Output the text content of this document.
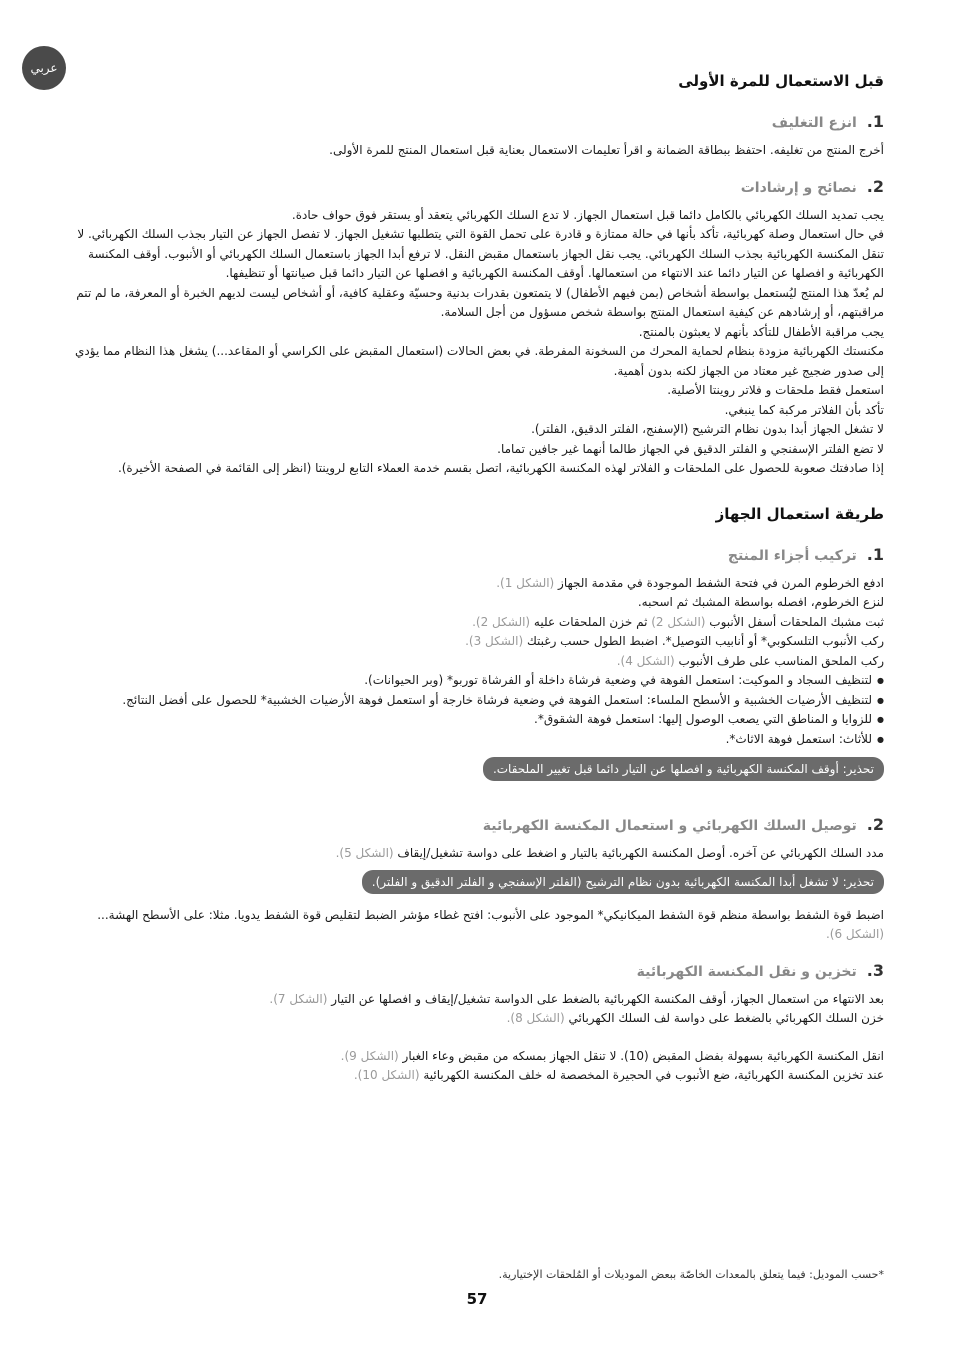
عربي
قبل الاستعمال للمرة الأولى
1.انزع التغليف

أخرج المنتج من تغليفه. احتفظ ببطاقة الضمانة و اقرأ تعليمات الاستعمال بعناية قبل استعمال المنتج للمرة الأولى.

2.نصائح و إرشادات

يجب تمديد السلك الكهربائي بالكامل دائما قبل استعمال الجهاز. لا تدع السلك الكهربائي يتعقد أو يستقر فوق حواف حادة.

في حال استعمال وصلة كهربائية، تأكد بأنها في حالة ممتازة و قادرة على تحمل القوة التي يتطلبها تشغيل الجهاز. لا تفصل الجهاز عن التيار بجذب السلك الكهربائي. لا تنقل المكنسة الكهربائية بجذب السلك الكهربائي. يجب نقل الجهاز باستعمال مقبض النقل. لا ترفع أبدا الجهاز باستعمال السلك الكهربائي أو الأنبوب. أوقف المكنسة الكهربائية و افصلها عن التيار دائما عند الانتهاء من استعمالها. أوقف المكنسة الكهربائية و افصلها عن التيار دائما قبل صيانتها أو تنظيفها.

لم يُعدّ هذا المنتج ليُستعمل بواسطة أشخاص (بمن فيهم الأطفال) لا يتمتعون بقدرات بدنية وحسيّة وعقلية كافية، أو أشخاص ليست لديهم الخبرة أو المعرفة، ما لم تتم مراقبتهم، أو إرشادهم عن كيفية استعمال المنتج بواسطة شخص مسؤول من أجل السلامة.

يجب مراقبة الأطفال للتأكد بأنهم لا يعبثون بالمنتج.

مكنستك الكهربائية مزودة بنظام لحماية المحرك من السخونة المفرطة. في بعض الحالات (استعمال المقبض على الكراسي أو المقاعد...) يشغل هذا النظام مما يؤدي إلى صدور ضجيج غير معتاد من الجهاز لكنه بدون أهمية.

استعمل فقط ملحقات و فلاتر روينتا الأصلية.

تأكد بأن الفلاتر مركبة كما ينبغي.

لا تشغل الجهاز أبدا بدون نظام الترشيح (الإسفنج، الفلتر الدقيق، الفلتر).

لا تضع الفلتر الإسفنجي و الفلتر الدقيق في الجهاز طالما أنهما غير جافين تماما.

إذا صادفتك صعوبة للحصول على الملحقات و الفلاتر لهذه المكنسة الكهربائية، اتصل بقسم خدمة العملاء التابع لروينتا (انظر إلى القائمة في الصفحة الأخيرة).

طريقة استعمال الجهاز
1.تركيب أجزاء المنتج

ادفع الخرطوم المرن في فتحة الشفط الموجودة في مقدمة الجهاز (الشكل 1).

لنزع الخرطوم، افصله بواسطة المشبك ثم اسحبه.

ثبت مشبك الملحقات أسفل الأنبوب (الشكل 2) ثم خزن الملحقات عليه (الشكل 2).

ركب الأنبوب التلسكوبي* أو أنابيب التوصيل*. اضبط الطول حسب رغبتك (الشكل 3).

ركب الملحق المناسب على طرف الأنبوب (الشكل 4).

● لتنظيف السجاد و الموكيت: استعمل الفوهة في وضعية فرشاة داخلة أو الفرشاة توربو* (وبر الحيوانات).
● لتنظيف الأرضيات الخشبية و الأسطح الملساء: استعمل الفوهة في وضعية فرشاة خارجة أو استعمل فوهة الأرضيات الخشبية* للحصول على أفضل النتائج.
● للزوايا و المناطق التي يصعب الوصول إليها: استعمل فوهة الشقوق*.
● للأثاث: استعمل فوهة الاثاث*.
تحذير: أوقف المكنسة الكهربائية و افصلها عن التيار دائما قبل تغيير الملحقات.
2.توصيل السلك الكهربائي و استعمال المكنسة الكهربائية

مدد السلك الكهربائي عن آخره. أوصل المكنسة الكهربائية بالتيار و اضغط على دواسة تشغيل/إيقاف (الشكل 5).

تحذير: لا تشغل أبدا المكنسة الكهربائية بدون نظام الترشيح (الفلتر الإسفنجي و الفلتر الدقيق و الفلتر).

اضبط قوة الشفط بواسطة منظم قوة الشفط الميكانيكي* الموجود على الأنبوب: افتح غطاء مؤشر الضبط لتقليص قوة الشفط يدويا. مثلا: على الأسطح الهشة... (الشكل 6).

3.تخزين و نقل المكنسة الكهربائية

بعد الانتهاء من استعمال الجهاز، أوقف المكنسة الكهربائية بالضغط على الدواسة تشغيل/إيقاف و افصلها عن التيار (الشكل 7).

خزن السلك الكهربائي بالضغط على دواسة لف السلك الكهربائي (الشكل 8).

انقل المكنسة الكهربائية بسهولة بفضل المقبض (10). لا تنقل الجهاز بمسكه من مقبض وعاء الغبار (الشكل 9).

عند تخزين المكنسة الكهربائية، ضع الأنبوب في الحجيرة المخصصة له خلف المكنسة الكهربائية (الشكل 10).

*حسب الموديل: فيما يتعلق بالمعدات الخاصّة ببعض الموديلات أو المُلحقات الإختيارية.
57
